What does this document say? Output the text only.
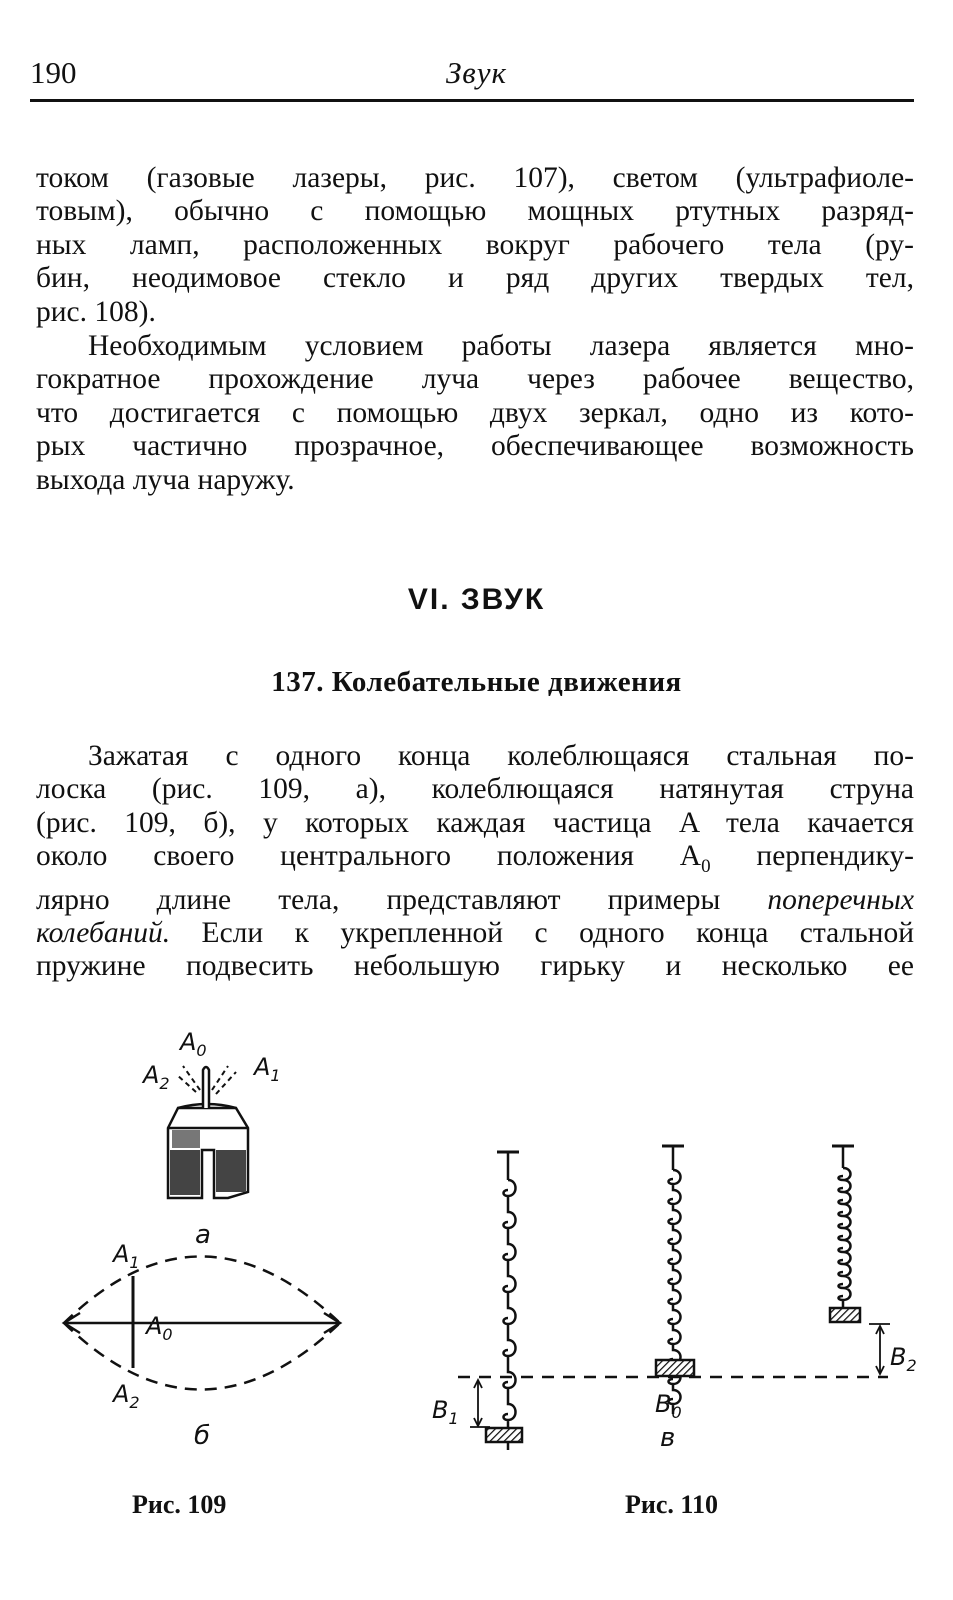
190	Звук
током (газовые лазеры, рис. 107), светом (ультрафиоле-
товым), обычно с помощью мощных ртутных разряд-
ных ламп, расположенных вокруг рабочего тела (ру-
бин, неодимовое стекло и ряд других твердых тел,
рис. 108).
Необходимым условием работы лазера является мно-
гократное прохождение луча через рабочее вещество,
что достигается с помощью двух зеркал, одно из кото-
рых частично прозрачное, обеспечивающее возможность
выхода луча наружу.
VI. ЗВУК
137. Колебательные движения
Зажатая с одного конца колеблющаяся стальная по-
лоска (рис. 109, а), колеблющаяся натянутая струна
(рис. 109, б), у которых каждая частица A тела качается
около своего центрального положения $A_0$ перпендику-
лярно длине тела, представляют примеры поперечных
колебаний. Если к укрепленной с одного конца стальной
пружине подвесить небольшую гирьку и несколько ее
$A_0$
$A_2$
$A_1$
а
$A_1$
$A_0$
$A_2$
б
$B_1$
$B_0$
в
$B_2$
Рис. 109	Рис. 110
